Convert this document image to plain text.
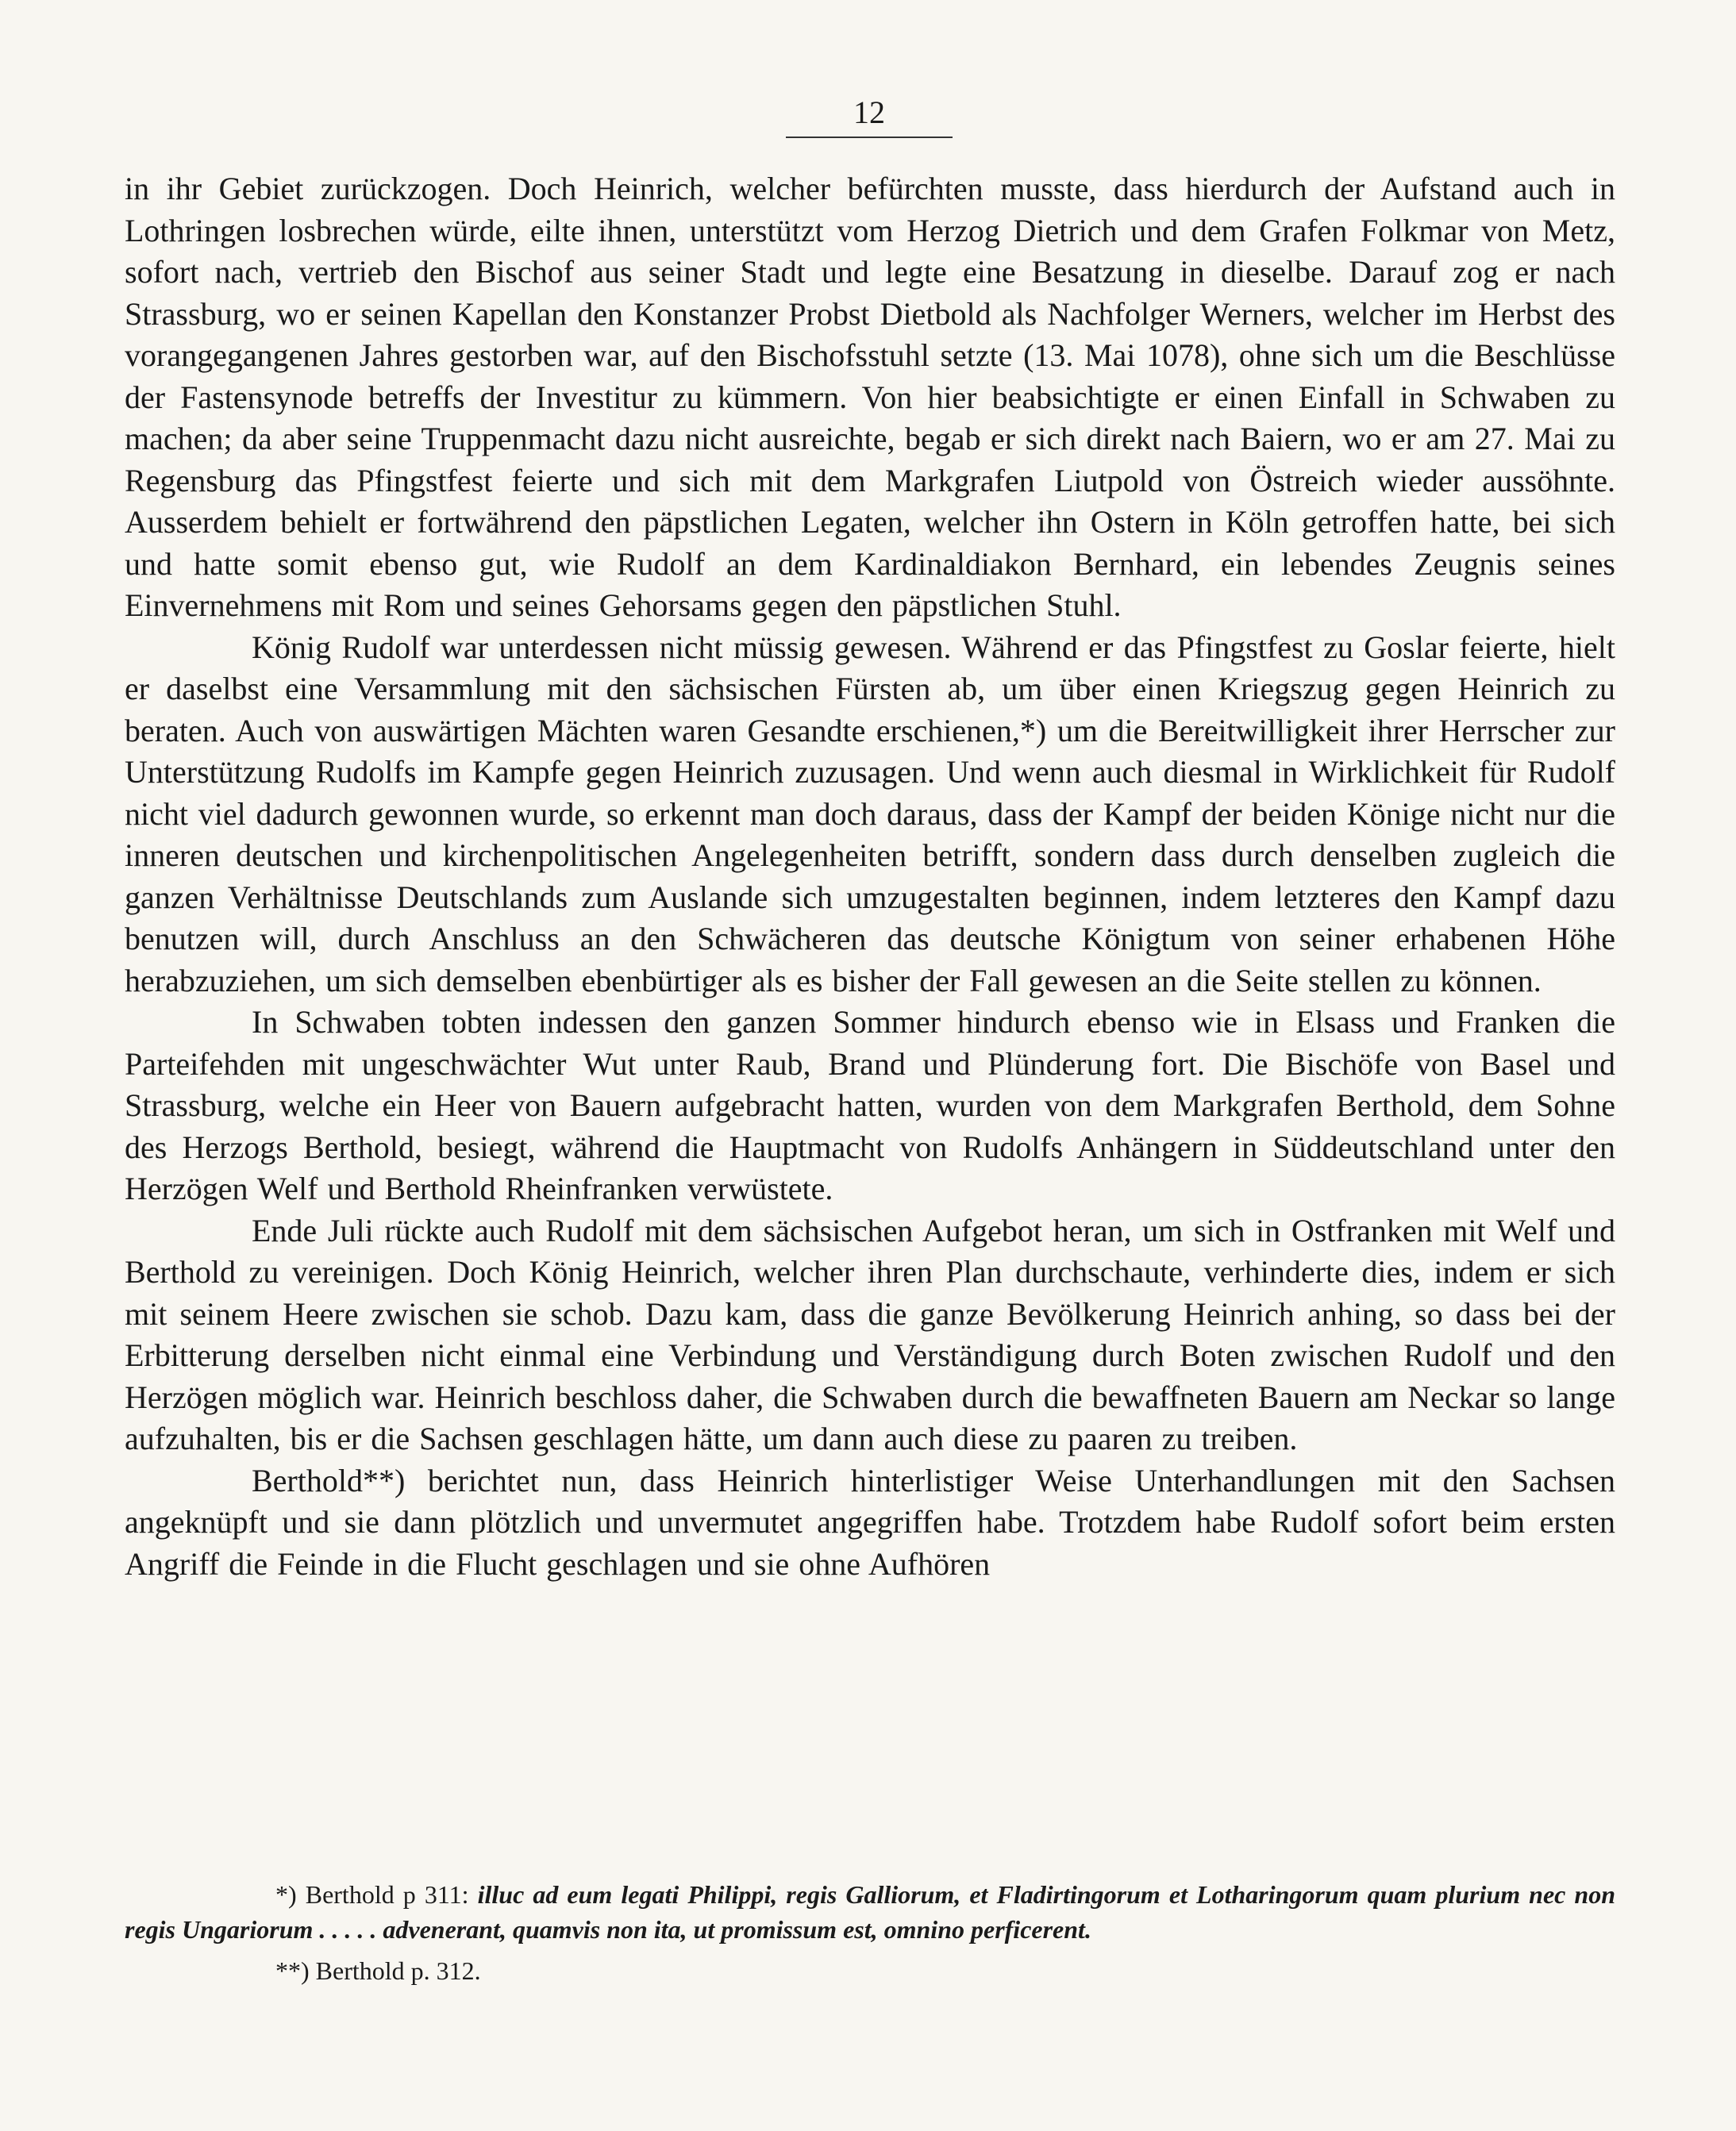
12

in ihr Gebiet zurückzogen. Doch Heinrich, welcher befürchten musste, dass hierdurch der Aufstand auch in Lothringen losbrechen würde, eilte ihnen, unterstützt vom Herzog Dietrich und dem Grafen Folkmar von Metz, sofort nach, vertrieb den Bischof aus seiner Stadt und legte eine Besatzung in dieselbe. Darauf zog er nach Strassburg, wo er seinen Kapellan den Konstanzer Probst Dietbold als Nachfolger Werners, welcher im Herbst des vorangegangenen Jahres gestorben war, auf den Bischofsstuhl setzte (13. Mai 1078), ohne sich um die Beschlüsse der Fastensynode betreffs der Investitur zu kümmern. Von hier beabsichtigte er einen Einfall in Schwaben zu machen; da aber seine Truppenmacht dazu nicht ausreichte, begab er sich direkt nach Baiern, wo er am 27. Mai zu Regensburg das Pfingstfest feierte und sich mit dem Markgrafen Liutpold von Östreich wieder aussöhnte. Ausserdem behielt er fortwährend den päpstlichen Legaten, welcher ihn Ostern in Köln getroffen hatte, bei sich und hatte somit ebenso gut, wie Rudolf an dem Kardinaldiakon Bernhard, ein lebendes Zeugnis seines Einvernehmens mit Rom und seines Gehorsams gegen den päpstlichen Stuhl.

König Rudolf war unterdessen nicht müssig gewesen. Während er das Pfingstfest zu Goslar feierte, hielt er daselbst eine Versammlung mit den sächsischen Fürsten ab, um über einen Kriegszug gegen Heinrich zu beraten. Auch von auswärtigen Mächten waren Gesandte erschienen,*) um die Bereitwilligkeit ihrer Herrscher zur Unterstützung Rudolfs im Kampfe gegen Heinrich zuzusagen. Und wenn auch diesmal in Wirklichkeit für Rudolf nicht viel dadurch gewonnen wurde, so erkennt man doch daraus, dass der Kampf der beiden Könige nicht nur die inneren deutschen und kirchenpolitischen Angelegenheiten betrifft, sondern dass durch denselben zugleich die ganzen Verhältnisse Deutschlands zum Auslande sich umzugestalten beginnen, indem letzteres den Kampf dazu benutzen will, durch Anschluss an den Schwächeren das deutsche Königtum von seiner erhabenen Höhe herabzuziehen, um sich demselben ebenbürtiger als es bisher der Fall gewesen an die Seite stellen zu können.

In Schwaben tobten indessen den ganzen Sommer hindurch ebenso wie in Elsass und Franken die Parteifehden mit ungeschwächter Wut unter Raub, Brand und Plünderung fort. Die Bischöfe von Basel und Strassburg, welche ein Heer von Bauern aufgebracht hatten, wurden von dem Markgrafen Berthold, dem Sohne des Herzogs Berthold, besiegt, während die Hauptmacht von Rudolfs Anhängern in Süddeutschland unter den Herzögen Welf und Berthold Rheinfranken verwüstete.

Ende Juli rückte auch Rudolf mit dem sächsischen Aufgebot heran, um sich in Ostfranken mit Welf und Berthold zu vereinigen. Doch König Heinrich, welcher ihren Plan durchschaute, verhinderte dies, indem er sich mit seinem Heere zwischen sie schob. Dazu kam, dass die ganze Bevölkerung Heinrich anhing, so dass bei der Erbitterung derselben nicht einmal eine Verbindung und Verständigung durch Boten zwischen Rudolf und den Herzögen möglich war. Heinrich beschloss daher, die Schwaben durch die bewaffneten Bauern am Neckar so lange aufzuhalten, bis er die Sachsen geschlagen hätte, um dann auch diese zu paaren zu treiben.

Berthold**) berichtet nun, dass Heinrich hinterlistiger Weise Unterhandlungen mit den Sachsen angeknüpft und sie dann plötzlich und unvermutet angegriffen habe. Trotzdem habe Rudolf sofort beim ersten Angriff die Feinde in die Flucht geschlagen und sie ohne Aufhören

*) Berthold p 311: illuc ad eum legati Philippi, regis Galliorum, et Fladirtingorum et Lotharingorum quam plurium nec non regis Ungariorum . . . . . advenerant, quamvis non ita, ut promissum est, omnino perficerent.

**) Berthold p. 312.
